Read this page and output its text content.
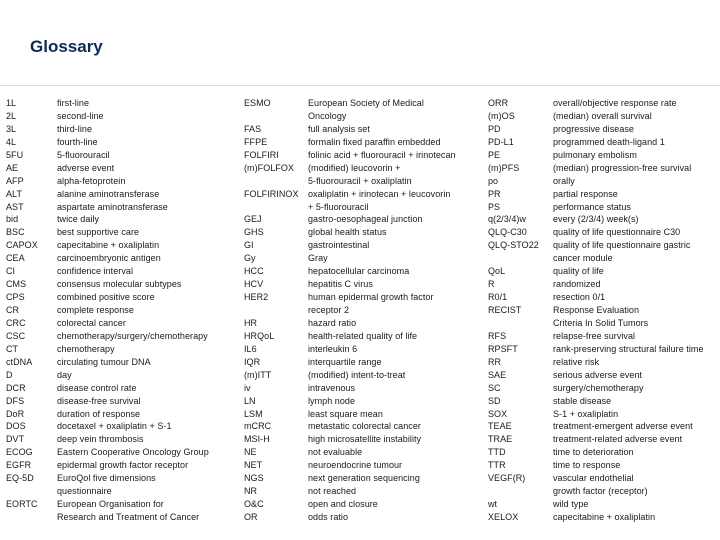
Glossary
1L	first-line
2L	second-line
3L	third-line
4L	fourth-line
5FU	5-fluorouracil
AE	adverse event
AFP	alpha-fetoprotein
ALT	alanine aminotransferase
AST	aspartate aminotransferase
bid	twice daily
BSC	best supportive care
CAPOX capecitabine + oxaliplatin
CEA	carcinoembryonic antigen
CI	confidence interval
CMS	consensus molecular subtypes
CPS	combined positive score
CR	complete response
CRC	colorectal cancer
CSC	chemotherapy/surgery/chemotherapy
CT	chemotherapy
ctDNA	circulating tumour DNA
D	day
DCR	disease control rate
DFS	disease-free survival
DoR	duration of response
DOS	docetaxel + oxaliplatin + S-1
DVT	deep vein thrombosis
ECOG	Eastern Cooperative Oncology Group
EGFR	epidermal growth factor receptor
EQ-5D	EuroQol five dimensions
questionnaire
EORTC European Organisation for
Research and Treatment of Cancer
ESMO	European Society of Medical
Oncology
FAS	full analysis set
FFPE	formalin fixed paraffin embedded
FOLFIRI	folinic acid + fluorouracil + irinotecan
(m)FOLFOX (modified) leucovorin +
5-fluorouracil + oxaliplatin
FOLFIRINOX oxaliplatin + irinotecan + leucovorin
+ 5-fluorouracil
GEJ	gastro-oesophageal junction
GHS	global health status
GI	gastrointestinal
Gy	Gray
HCC	hepatocellular carcinoma
HCV	hepatitis C virus
HER2	human epidermal growth factor
receptor 2
HR	hazard ratio
HRQoL	health-related quality of life
IL6	interleukin 6
IQR	interquartile range
(m)ITT	(modified) intent-to-treat
iv	intravenous
LN	lymph node
LSM	least square mean
mCRC	metastatic colorectal cancer
MSI-H	high microsatellite instability
NE	not evaluable
NET	neuroendocrine tumour
NGS	next generation sequencing
NR	not reached
O&C	open and closure
OR	odds ratio
ORR	overall/objective response rate
(m)OS	(median) overall survival
PD	progressive disease
PD-L1	programmed death-ligand 1
PE	pulmonary embolism
(m)PFS	(median) progression-free survival
po	orally
PR	partial response
PS	performance status
q(2/3/4)w	every (2/3/4) week(s)
QLQ-C30	quality of life questionnaire C30
QLQ-STO22 quality of life questionnaire gastric
cancer module
QoL	quality of life
R	randomized
R0/1	resection 0/1
RECIST	Response Evaluation
Criteria In Solid Tumors
RFS	relapse-free survival
RPSFT	rank-preserving structural failure time
RR	relative risk
SAE	serious adverse event
SC	surgery/chemotherapy
SD	stable disease
SOX	S-1 + oxaliplatin
TEAE	treatment-emergent adverse event
TRAE	treatment-related adverse event
TTD	time to deterioration
TTR	time to response
VEGF(R)	vascular endothelial
growth factor (receptor)
wt	wild type
XELOX	capecitabine + oxaliplatin
